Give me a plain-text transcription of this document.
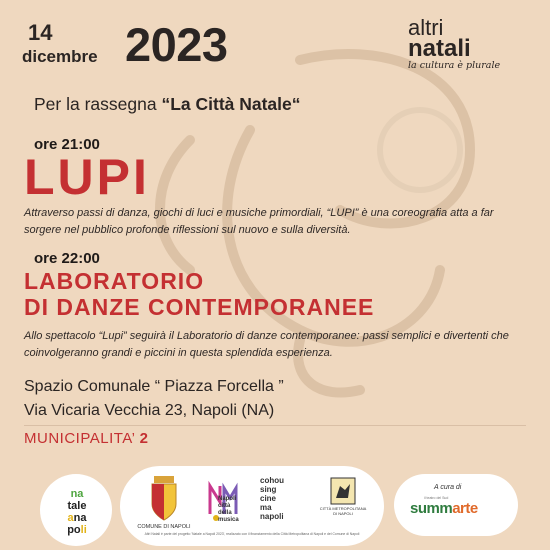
14
dicembre 2023	altri
natali
la cultura è plurale
Per la rassegna “La Città Natale“
ore 21:00
LUPI
Attraverso passi di danza, giochi di luci e musiche primordiali, “LUPI” è una coreografia atta a far sorgere nel pubblico profonde riflessioni sul nuovo e sulla diversità.
ore 22:00
LABORATORIO
DI DANZE CONTEMPORANEE
Allo spettacolo “Lupi” seguirà il Laboratorio di danze contemporanee: passi semplici e divertenti che coinvolgeranno grandi e piccini in questa splendida esperienza.
Spazio Comunale “ Piazza Forcella ”
Via Vicaria Vecchia 23, Napoli (NA)
MUNICIPALITA’ 2
na
tale
ana
poli	COMUNE DI NAPOLI
Napoli
città
della
musica
cohou
sing
cine
ma
napoli
CITTÀ METROPOLITANA DI NAPOLI
Altri Natali è parte del progetto 'Natale a Napoli 2023', realizzato con il finanziamento della Città Metropolitana di Napoli e del Comune di Napoli
A cura di
il teatro del Sud
summarte
